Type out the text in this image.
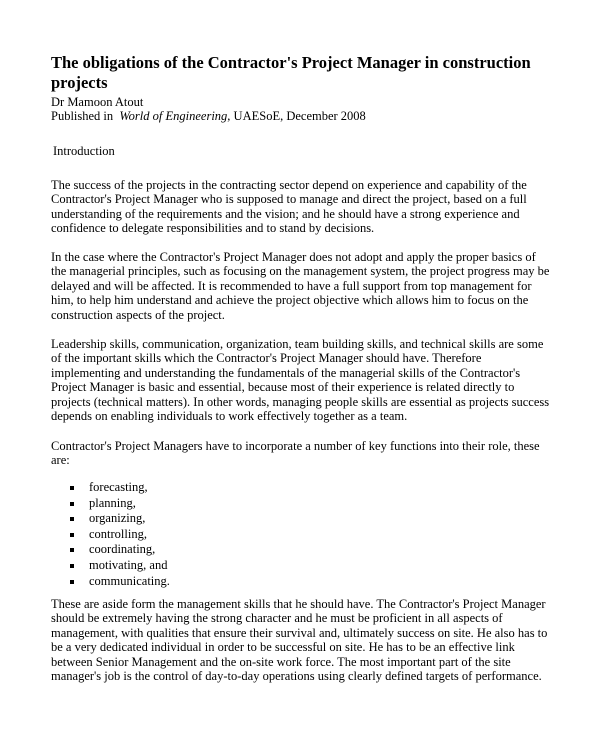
The obligations of the Contractor's Project Manager in construction projects
Dr Mamoon Atout
Published in World of Engineering, UAESoE, December 2008
Introduction

The success of the projects in the contracting sector depend on experience and capability of the
Contractor's Project Manager who is supposed to manage and direct the project, based on a full
understanding of the requirements and the vision; and he should have a strong experience and
confidence to delegate responsibilities and to stand by decisions.

In the case where the Contractor's Project Manager does not adopt and apply the proper basics of
the managerial principles, such as focusing on the management system, the project progress may be
delayed and will be affected. It is recommended to have a full support from top management for
him, to help him understand and achieve the project objective which allows him to focus on the
construction aspects of the project.

Leadership skills, communication, organization, team building skills, and technical skills are some
of the important skills which the Contractor's Project Manager should have. Therefore
implementing and understanding the fundamentals of the managerial skills of the Contractor's
Project Manager is basic and essential, because most of their experience is related directly to
projects (technical matters). In other words, managing people skills are essential as projects success
depends on enabling individuals to work effectively together as a team.

Contractor's Project Managers have to incorporate a number of key functions into their role, these
are:

forecasting,
planning,
organizing,
controlling,
coordinating,
motivating, and
communicating.

These are aside form the management skills that he should have. The Contractor's Project Manager
should be extremely having the strong character and he must be proficient in all aspects of
management, with qualities that ensure their survival and, ultimately success on site. He also has to
be a very dedicated individual in order to be successful on site. He has to be an effective link
between Senior Management and the on-site work force. The most important part of the site
manager's job is the control of day-to-day operations using clearly defined targets of performance.
